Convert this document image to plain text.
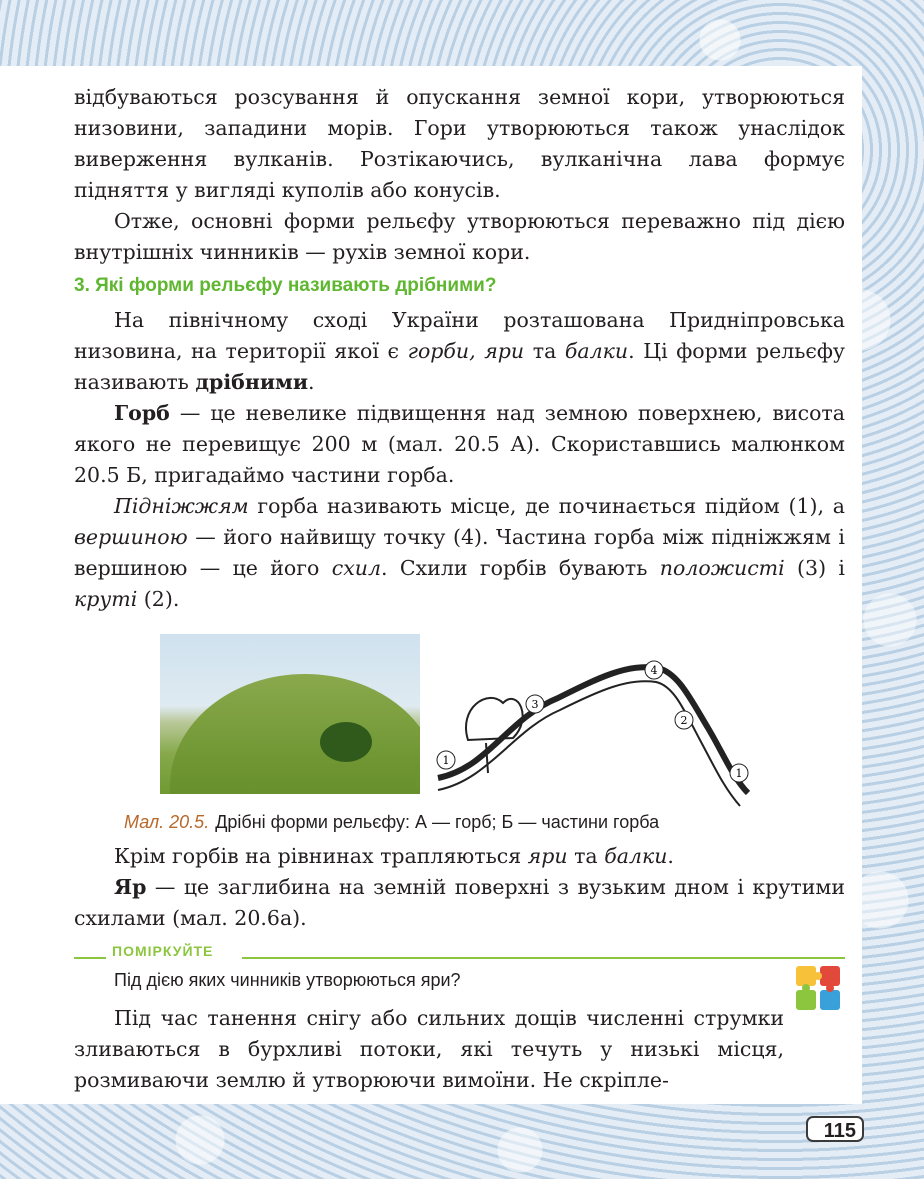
відбуваються розсування й опускання земної кори, утворюються низовини, западини морів. Гори утворюються також унаслідок виверження вулканів. Розтікаючись, вулканічна лава формує підняття у вигляді куполів або конусів.

Отже, основні форми рельєфу утворюються переважно під дією внутрішніх чинників — рухів земної кори.

3. Які форми рельєфу називають дрібними?

На північному сході України розташована Придніпровська низовина, на території якої є горби, яри та балки. Ці форми рельєфу називають дрібними.

Горб — це невелике підвищення над земною поверхнею, висота якого не перевищує 200 м (мал. 20.5 А). Скориставшись малюнком 20.5 Б, пригадаймо частини горба.

Підніжжям горба називають місце, де починається підйом (1), а вершиною — його найвищу точку (4). Частина горба між підніжжям і вершиною — це його схил. Схили горбів бувають положисті (3) і круті (2).

1
3
4
2
1
Мал. 20.5. Дрібні форми рельєфу: А — горб; Б — частини горба

Крім горбів на рівнинах трапляються яри та балки.

Яр — це заглибина на земній поверхні з вузьким дном і крутими схилами (мал. 20.6а).

ПОМІРКУЙТЕ
Під дією яких чинників утворюються яри?

Під час танення снігу або сильних дощів численні струмки зливаються в бурхливі потоки, які течуть у низькі місця, розмиваючи землю й утворюючи вимоїни. Не скріпле-

115
